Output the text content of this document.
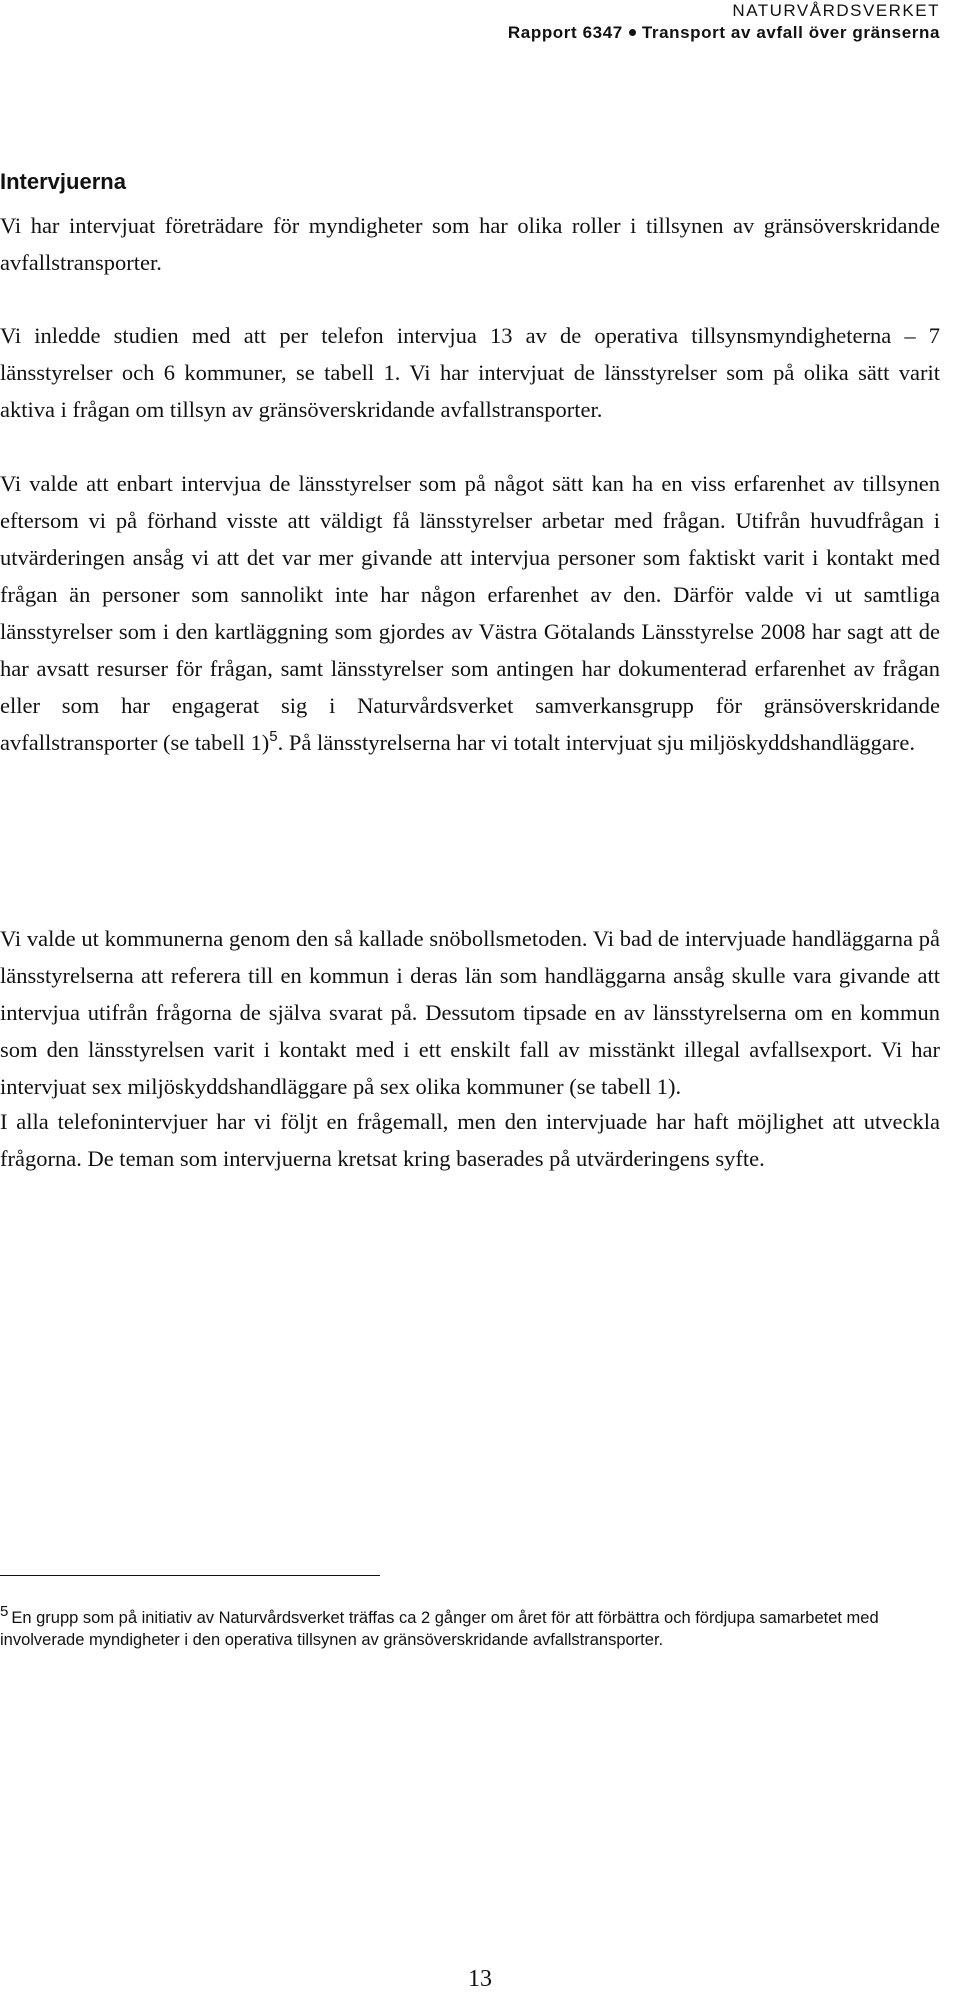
NATURVÅRDSVERKET
Rapport 6347 Transport av avfall över gränserna
Intervjuerna

Vi har intervjuat företrädare för myndigheter som har olika roller i tillsynen av gränsöverskridande avfallstransporter.

Vi inledde studien med att per telefon intervjua 13 av de operativa tillsynsmyndigheterna – 7 länsstyrelser och 6 kommuner, se tabell 1. Vi har intervjuat de länsstyrelser som på olika sätt varit aktiva i frågan om tillsyn av gränsöverskridande avfallstransporter.

Vi valde att enbart intervjua de länsstyrelser som på något sätt kan ha en viss erfarenhet av tillsynen eftersom vi på förhand visste att väldigt få länsstyrelser arbetar med frågan. Utifrån huvudfrågan i utvärderingen ansåg vi att det var mer givande att intervjua personer som faktiskt varit i kontakt med frågan än personer som sannolikt inte har någon erfarenhet av den. Därför valde vi ut samtliga länsstyrelser som i den kartläggning som gjordes av Västra Götalands Länsstyrelse 2008 har sagt att de har avsatt resurser för frågan, samt länsstyrelser som antingen har dokumenterad erfarenhet av frågan eller som har engagerat sig i Naturvårdsverket samverkansgrupp för gränsöverskridande avfallstransporter (se tabell 1)$^5$. På länsstyrelserna har vi totalt intervjuat sju miljöskyddshandläggare.

Vi valde ut kommunerna genom den så kallade snöbollsmetoden. Vi bad de intervjuade handläggarna på länsstyrelserna att referera till en kommun i deras län som handläggarna ansåg skulle vara givande att intervjua utifrån frågorna de själva svarat på. Dessutom tipsade en av länsstyrelserna om en kommun som den länsstyrelsen varit i kontakt med i ett enskilt fall av misstänkt illegal avfallsexport. Vi har intervjuat sex miljöskyddshandläggare på sex olika kommuner (se tabell 1).

I alla telefonintervjuer har vi följt en frågemall, men den intervjuade har haft möjlighet att utveckla frågorna. De teman som intervjuerna kretsat kring baserades på utvärderingens syfte.

5 En grupp som på initiativ av Naturvårdsverket träffas ca 2 gånger om året för att förbättra och fördjupa samarbetet med involverade myndigheter i den operativa tillsynen av gränsöverskridande avfallstransporter.

13
